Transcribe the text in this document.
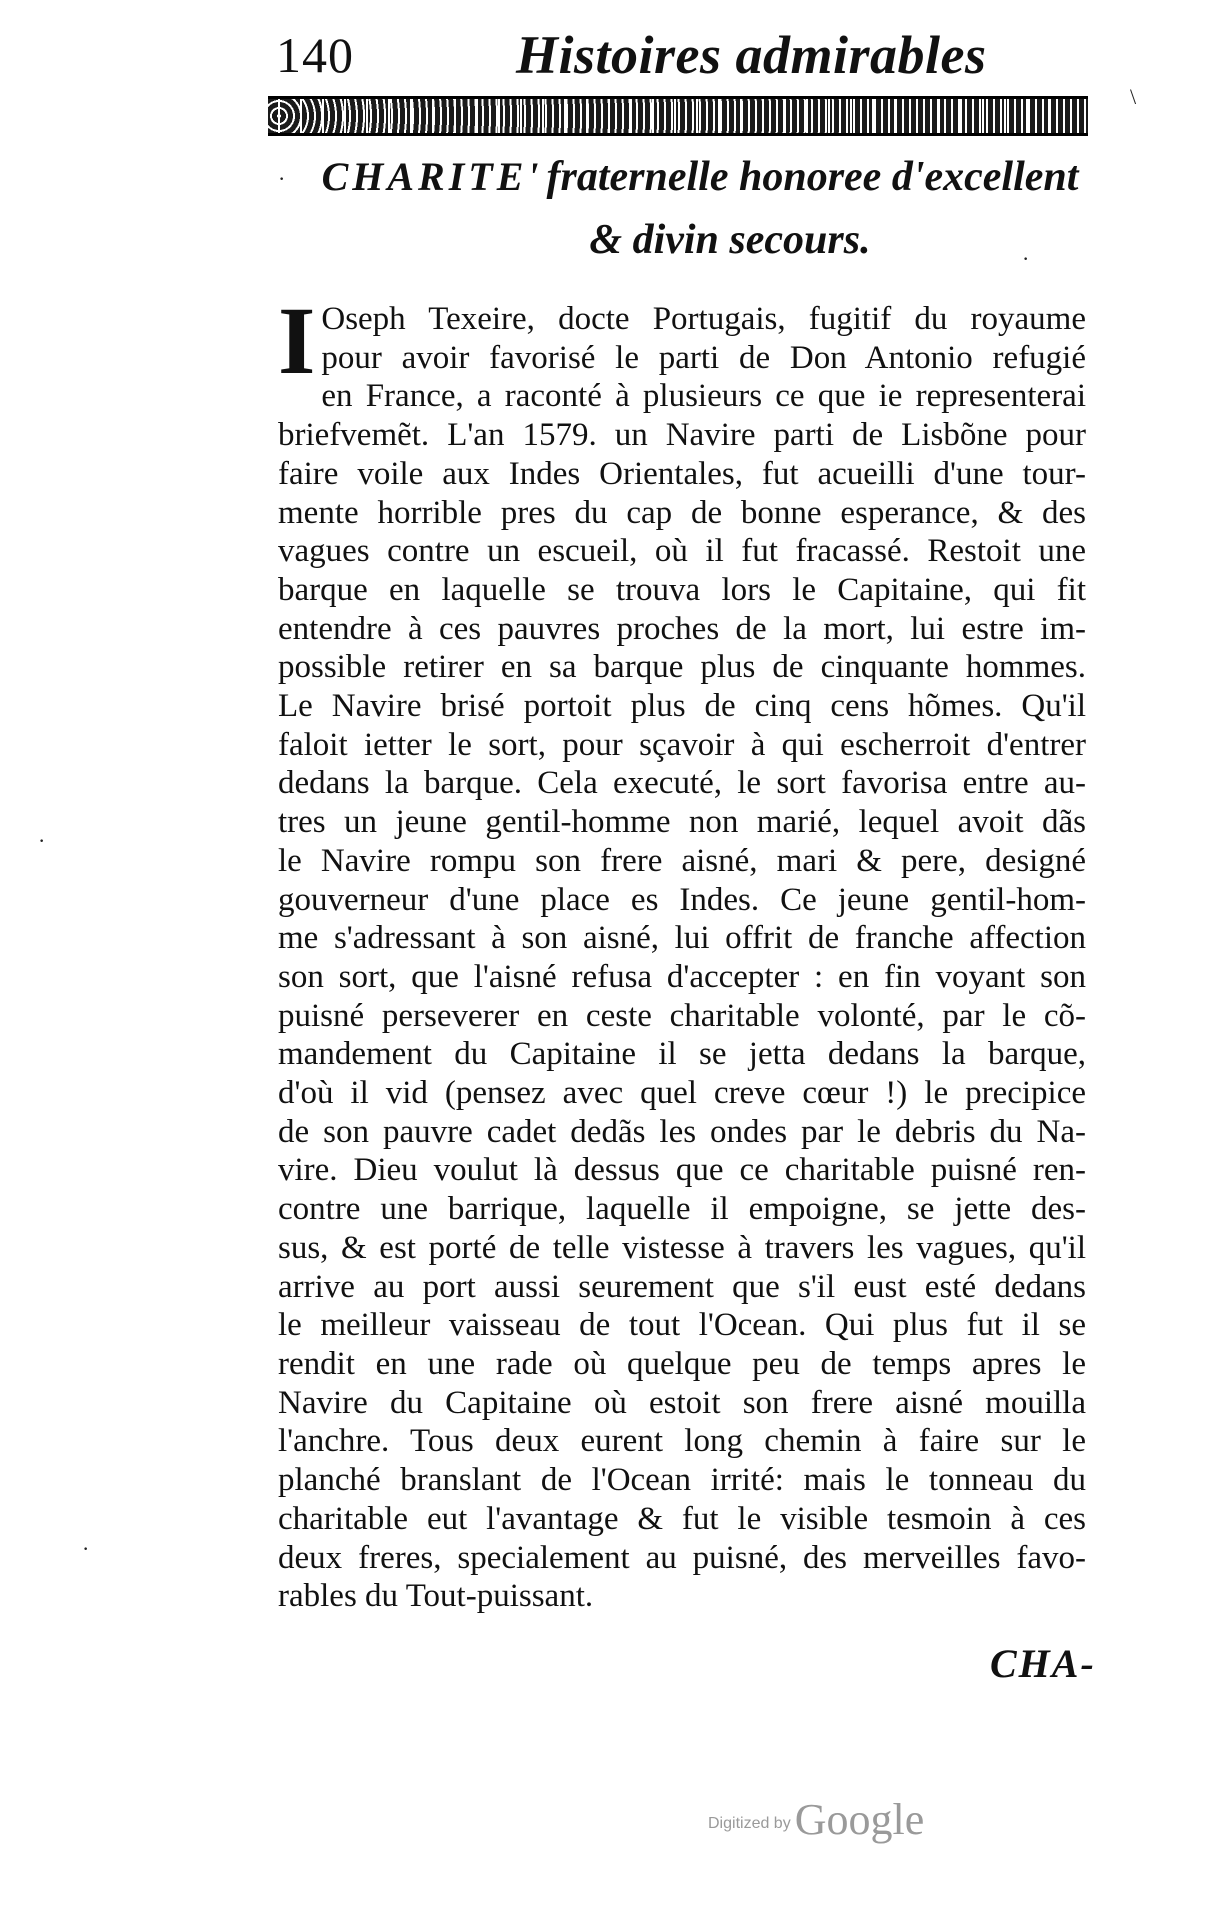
140	Histoires admirables
\
·
·
·
·
CHARITE' fraternelle honoree d'excellent
& divin secours.
I Oseph Texeire, docte Portugais, fugitif du royaume
pour avoir favorisé le parti de Don Antonio refugié
en France, a raconté à plusieurs ce que ie representerai
briefvemẽt. L'an 1579. un Navire parti de Lisbõne pour
faire voile aux Indes Orientales, fut acueilli d'une tour-
mente horrible pres du cap de bonne esperance, & des
vagues contre un escueil, où il fut fracassé. Restoit une
barque en laquelle se trouva lors le Capitaine, qui fit
entendre à ces pauvres proches de la mort, lui estre im-
possible retirer en sa barque plus de cinquante hommes.
Le Navire brisé portoit plus de cinq cens hõmes. Qu'il
faloit ietter le sort, pour sçavoir à qui escherroit d'entrer
dedans la barque. Cela executé, le sort favorisa entre au-
tres un jeune gentil-homme non marié, lequel avoit dãs
le Navire rompu son frere aisné, mari & pere, designé
gouverneur d'une place es Indes. Ce jeune gentil-hom-
me s'adressant à son aisné, lui offrit de franche affection
son sort, que l'aisné refusa d'accepter : en fin voyant son
puisné perseverer en ceste charitable volonté, par le cõ-
mandement du Capitaine il se jetta dedans la barque,
d'où il vid (pensez avec quel creve cœur !) le precipice
de son pauvre cadet dedãs les ondes par le debris du Na-
vire. Dieu voulut là dessus que ce charitable puisné ren-
contre une barrique, laquelle il empoigne, se jette des-
sus, & est porté de telle vistesse à travers les vagues, qu'il
arrive au port aussi seurement que s'il eust esté dedans
le meilleur vaisseau de tout l'Ocean. Qui plus fut il se
rendit en une rade où quelque peu de temps apres le
Navire du Capitaine où estoit son frere aisné mouilla
l'anchre. Tous deux eurent long chemin à faire sur le
planché branslant de l'Ocean irrité: mais le tonneau du
charitable eut l'avantage & fut le visible tesmoin à ces
deux freres, specialement au puisné, des merveilles favo-
rables du Tout-puissant.
CHA-
Digitized by Google
